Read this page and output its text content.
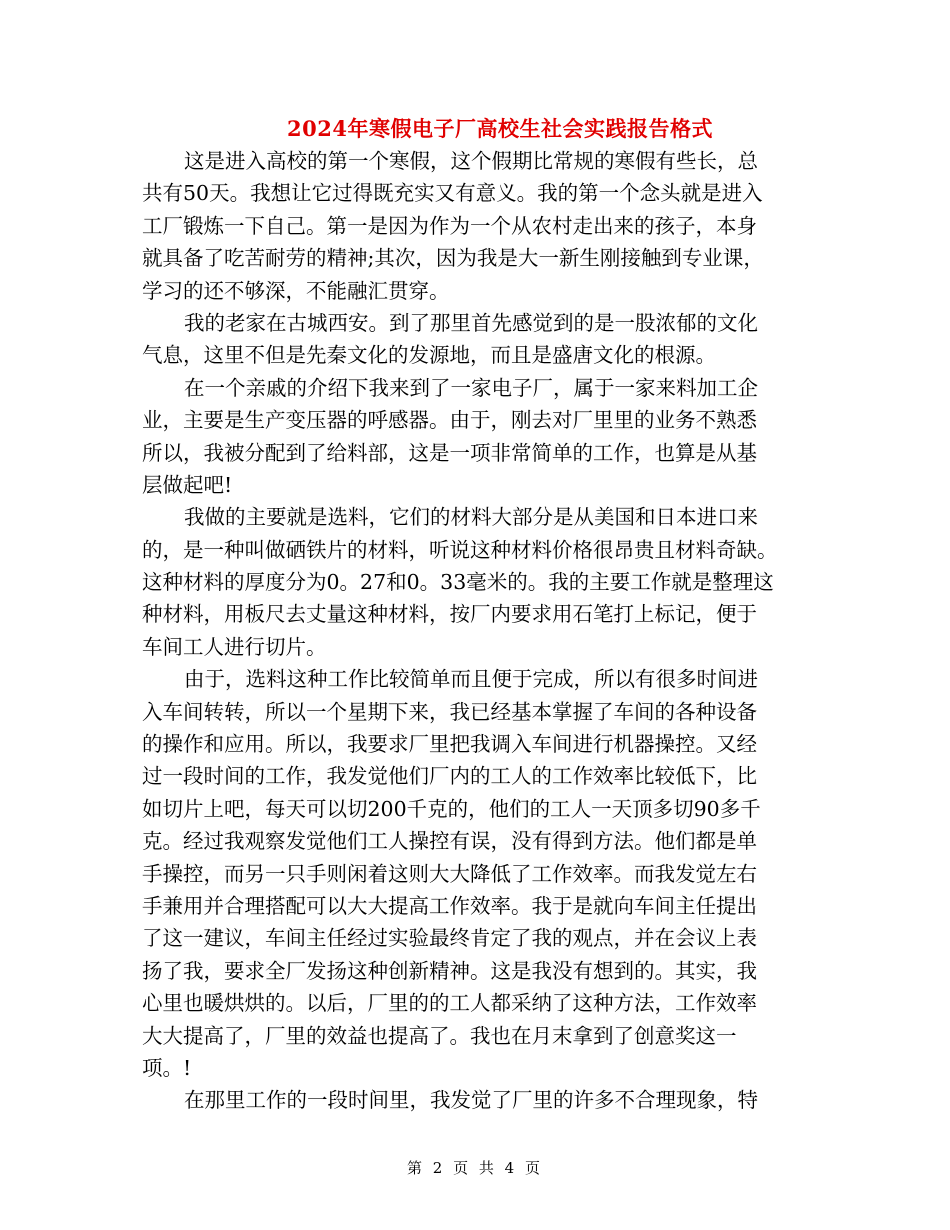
2024年寒假电子厂高校生社会实践报告格式
这是进入高校的第一个寒假，这个假期比常规的寒假有些长，总
共有50天。我想让它过得既充实又有意义。我的第一个念头就是进入
工厂锻炼一下自己。第一是因为作为一个从农村走出来的孩子，本身
就具备了吃苦耐劳的精神;其次，因为我是大一新生刚接触到专业课，
学习的还不够深，不能融汇贯穿。
我的老家在古城西安。到了那里首先感觉到的是一股浓郁的文化
气息，这里不但是先秦文化的发源地，而且是盛唐文化的根源。
在一个亲戚的介绍下我来到了一家电子厂，属于一家来料加工企
业，主要是生产变压器的呼感器。由于，刚去对厂里里的业务不熟悉
所以，我被分配到了给料部，这是一项非常简单的工作，也算是从基
层做起吧!
我做的主要就是选料，它们的材料大部分是从美国和日本进口来
的，是一种叫做硒铁片的材料，听说这种材料价格很昂贵且材料奇缺。
这种材料的厚度分为0。27和0。33毫米的。我的主要工作就是整理这
种材料，用板尺去丈量这种材料，按厂内要求用石笔打上标记，便于
车间工人进行切片。
由于，选料这种工作比较简单而且便于完成，所以有很多时间进
入车间转转，所以一个星期下来，我已经基本掌握了车间的各种设备
的操作和应用。所以，我要求厂里把我调入车间进行机器操控。又经
过一段时间的工作，我发觉他们厂内的工人的工作效率比较低下，比
如切片上吧，每天可以切200千克的，他们的工人一天顶多切90多千
克。经过我观察发觉他们工人操控有误，没有得到方法。他们都是单
手操控，而另一只手则闲着这则大大降低了工作效率。而我发觉左右
手兼用并合理搭配可以大大提高工作效率。我于是就向车间主任提出
了这一建议，车间主任经过实验最终肯定了我的观点，并在会议上表
扬了我，要求全厂发扬这种创新精神。这是我没有想到的。其实，我
心里也暖烘烘的。以后，厂里的的工人都采纳了这种方法，工作效率
大大提高了，厂里的效益也提高了。我也在月末拿到了创意奖这一
项。!
在那里工作的一段时间里，我发觉了厂里的许多不合理现象，特
第 2 页 共 4 页
